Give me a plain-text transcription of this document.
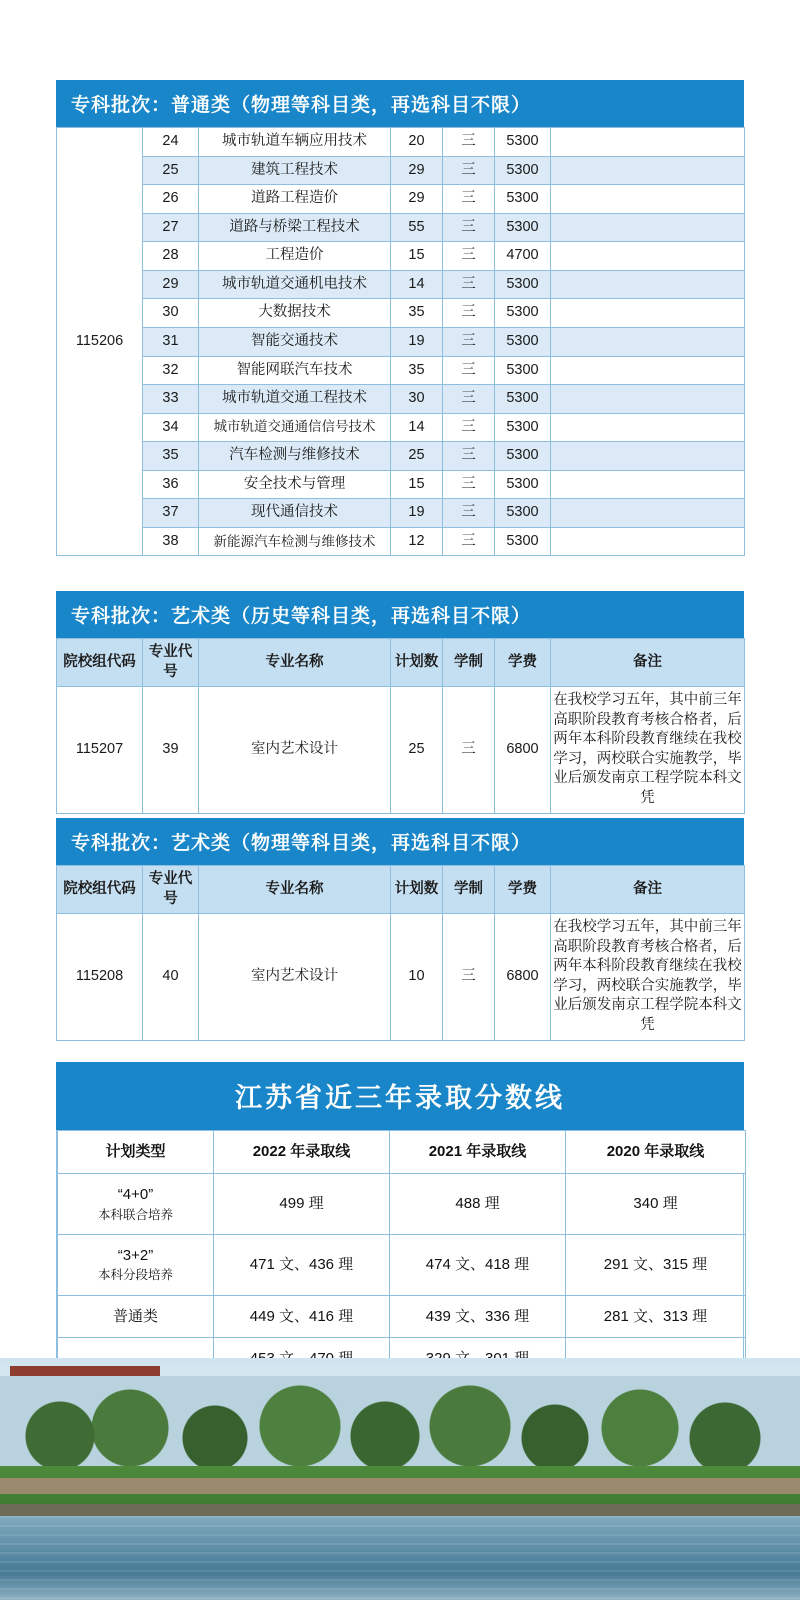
专科批次：普通类（物理等科目类，再选科目不限）
115206	24	城市轨道车辆应用技术	20	三	5300	
	25	建筑工程技术	29	三	5300	
	26	道路工程造价	29	三	5300	
	27	道路与桥梁工程技术	55	三	5300	
	28	工程造价	15	三	4700	
	29	城市轨道交通机电技术	14	三	5300	
	30	大数据技术	35	三	5300	
	31	智能交通技术	19	三	5300	
	32	智能网联汽车技术	35	三	5300	
	33	城市轨道交通工程技术	30	三	5300	
	34	城市轨道交通通信信号技术	14	三	5300	
	35	汽车检测与维修技术	25	三	5300	
	36	安全技术与管理	15	三	5300	
	37	现代通信技术	19	三	5300	
	38	新能源汽车检测与维修技术	12	三	5300	
专科批次：艺术类（历史等科目类，再选科目不限）
院校组代码	专业代号	专业名称	计划数	学制	学费	备注
115207	39	室内艺术设计	25	三	6800	在我校学习五年，其中前三年高职阶段教育考核合格者，后两年本科阶段教育继续在我校学习，两校联合实施教学，毕业后颁发南京工程学院本科文凭
专科批次：艺术类（物理等科目类，再选科目不限）
院校组代码	专业代号	专业名称	计划数	学制	学费	备注
115208	40	室内艺术设计	10	三	6800	在我校学习五年，其中前三年高职阶段教育考核合格者，后两年本科阶段教育继续在我校学习，两校联合实施教学，毕业后颁发南京工程学院本科文凭
江苏省近三年录取分数线
计划类型	2022 年录取线	2021 年录取线	2020 年录取线
“4+0”
本科联合培养	499 理	488 理	340 理
“3+2”
本科分段培养	471 文、436 理	474 文、418 理	291 文、315 理
普通类	449 文、416 理	439 文、336 理	281 文、313 理
